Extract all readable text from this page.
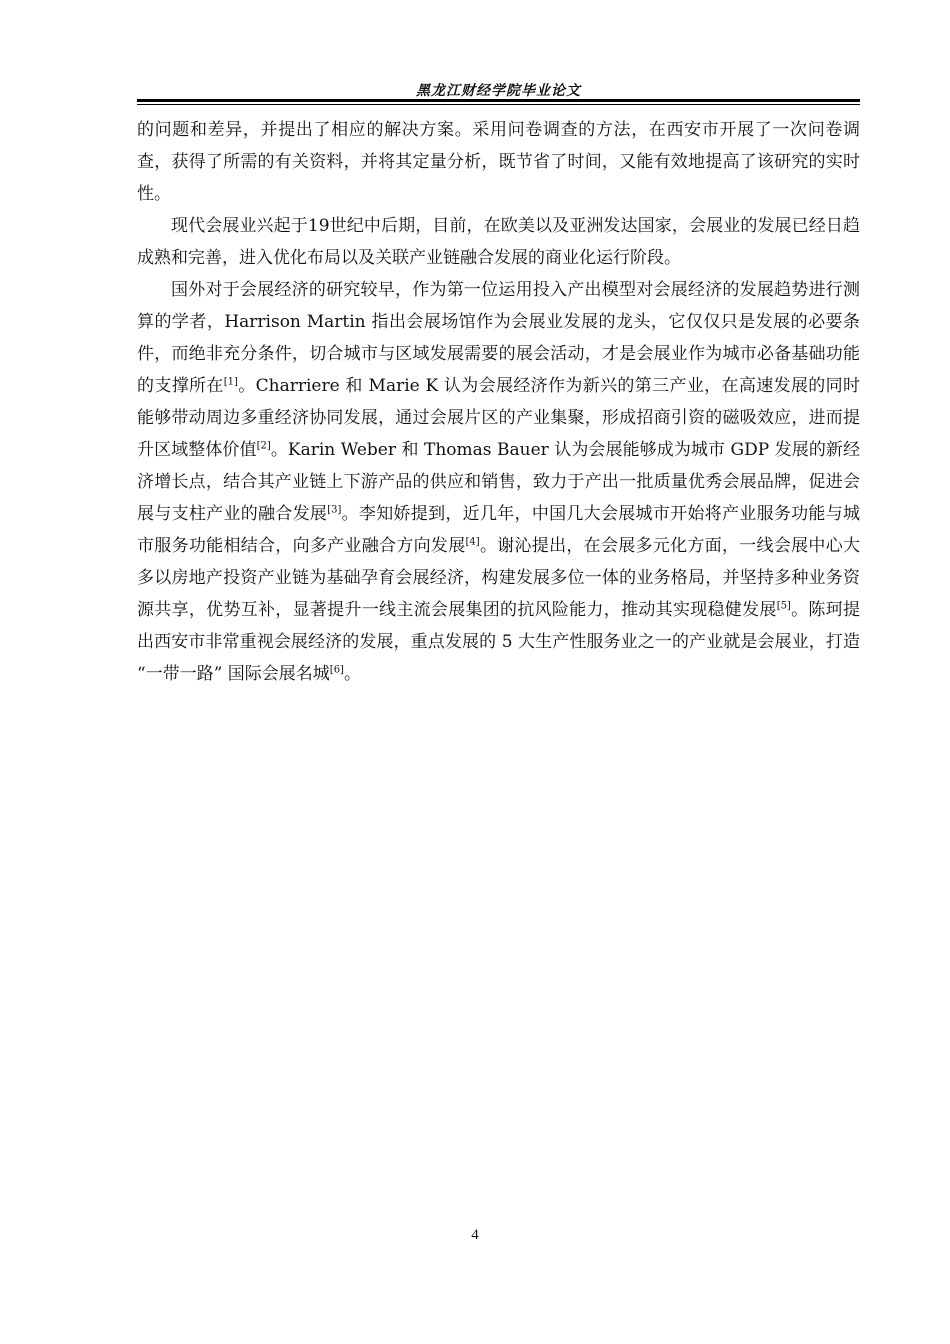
黑龙江财经学院毕业论文

的问题和差异，并提出了相应的解决方案。采用问卷调查的方法，在西安市开展了一次问卷调查，获得了所需的有关资料，并将其定量分析，既节省了时间，又能有效地提高了该研究的实时性。

现代会展业兴起于19世纪中后期，目前，在欧美以及亚洲发达国家，会展业的发展已经日趋成熟和完善，进入优化布局以及关联产业链融合发展的商业化运行阶段。

国外对于会展经济的研究较早，作为第一位运用投入产出模型对会展经济的发展趋势进行测算的学者，Harrison Martin 指出会展场馆作为会展业发展的龙头，它仅仅只是发展的必要条件，而绝非充分条件，切合城市与区域发展需要的展会活动，才是会展业作为城市必备基础功能的支撑所在[1]。Charriere 和 Marie K 认为会展经济作为新兴的第三产业，在高速发展的同时能够带动周边多重经济协同发展，通过会展片区的产业集聚，形成招商引资的磁吸效应，进而提升区域整体价值[2]。Karin Weber 和 Thomas Bauer 认为会展能够成为城市 GDP 发展的新经济增长点，结合其产业链上下游产品的供应和销售，致力于产出一批质量优秀会展品牌，促进会展与支柱产业的融合发展[3]。李知娇提到，近几年，中国几大会展城市开始将产业服务功能与城市服务功能相结合，向多产业融合方向发展[4]。谢沁提出，在会展多元化方面，一线会展中心大多以房地产投资产业链为基础孕育会展经济，构建发展多位一体的业务格局，并坚持多种业务资源共享，优势互补，显著提升一线主流会展集团的抗风险能力，推动其实现稳健发展[5]。陈珂提出西安市非常重视会展经济的发展，重点发展的 5 大生产性服务业之一的产业就是会展业，打造 “一带一路” 国际会展名城[6]。

4
